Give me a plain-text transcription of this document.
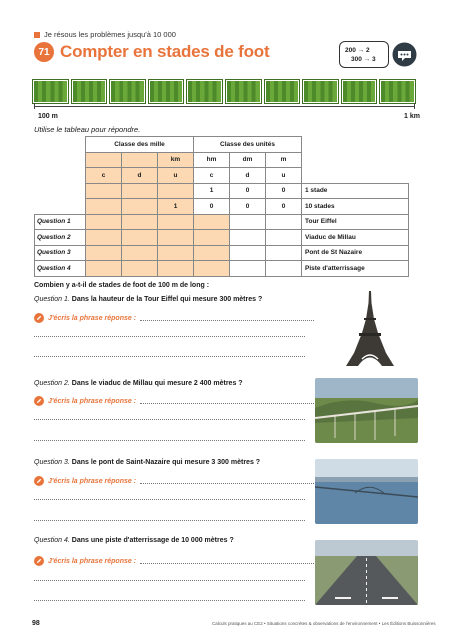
Je résous les problèmes jusqu'à 10 000
71 Compter en stades de foot	200 → 2
300 → 3
100 m	1 km
Utilise le tableau pour répondre.
	Classe des mille			Classe des unités			
			km	hm	dm	m	
	c	d	u	c	d	u	
				1	0	0	1 stade
			1	0	0	0	10 stades
Question 1							Tour Eiffel
Question 2							Viaduc de Millau
Question 3							Pont de St Nazaire
Question 4							Piste d'atterrissage
Combien y a-t-il de stades de foot de 100 m de long :
Question 1. Dans la hauteur de la Tour Eiffel qui mesure 300 mètres ?
J'écris la phrase réponse :
Question 2. Dans le viaduc de Millau qui mesure 2 400 mètres ?
J'écris la phrase réponse :
Question 3. Dans le pont de Saint-Nazaire qui mesure 3 300 mètres ?
J'écris la phrase réponse :
Question 4. Dans une piste d'atterrissage de 10 000 mètres ?
J'écris la phrase réponse :
98	Calculs pratiques au CE2 • Situations concrètes & observations de l'environnement • Les Éditions Buissonnières
